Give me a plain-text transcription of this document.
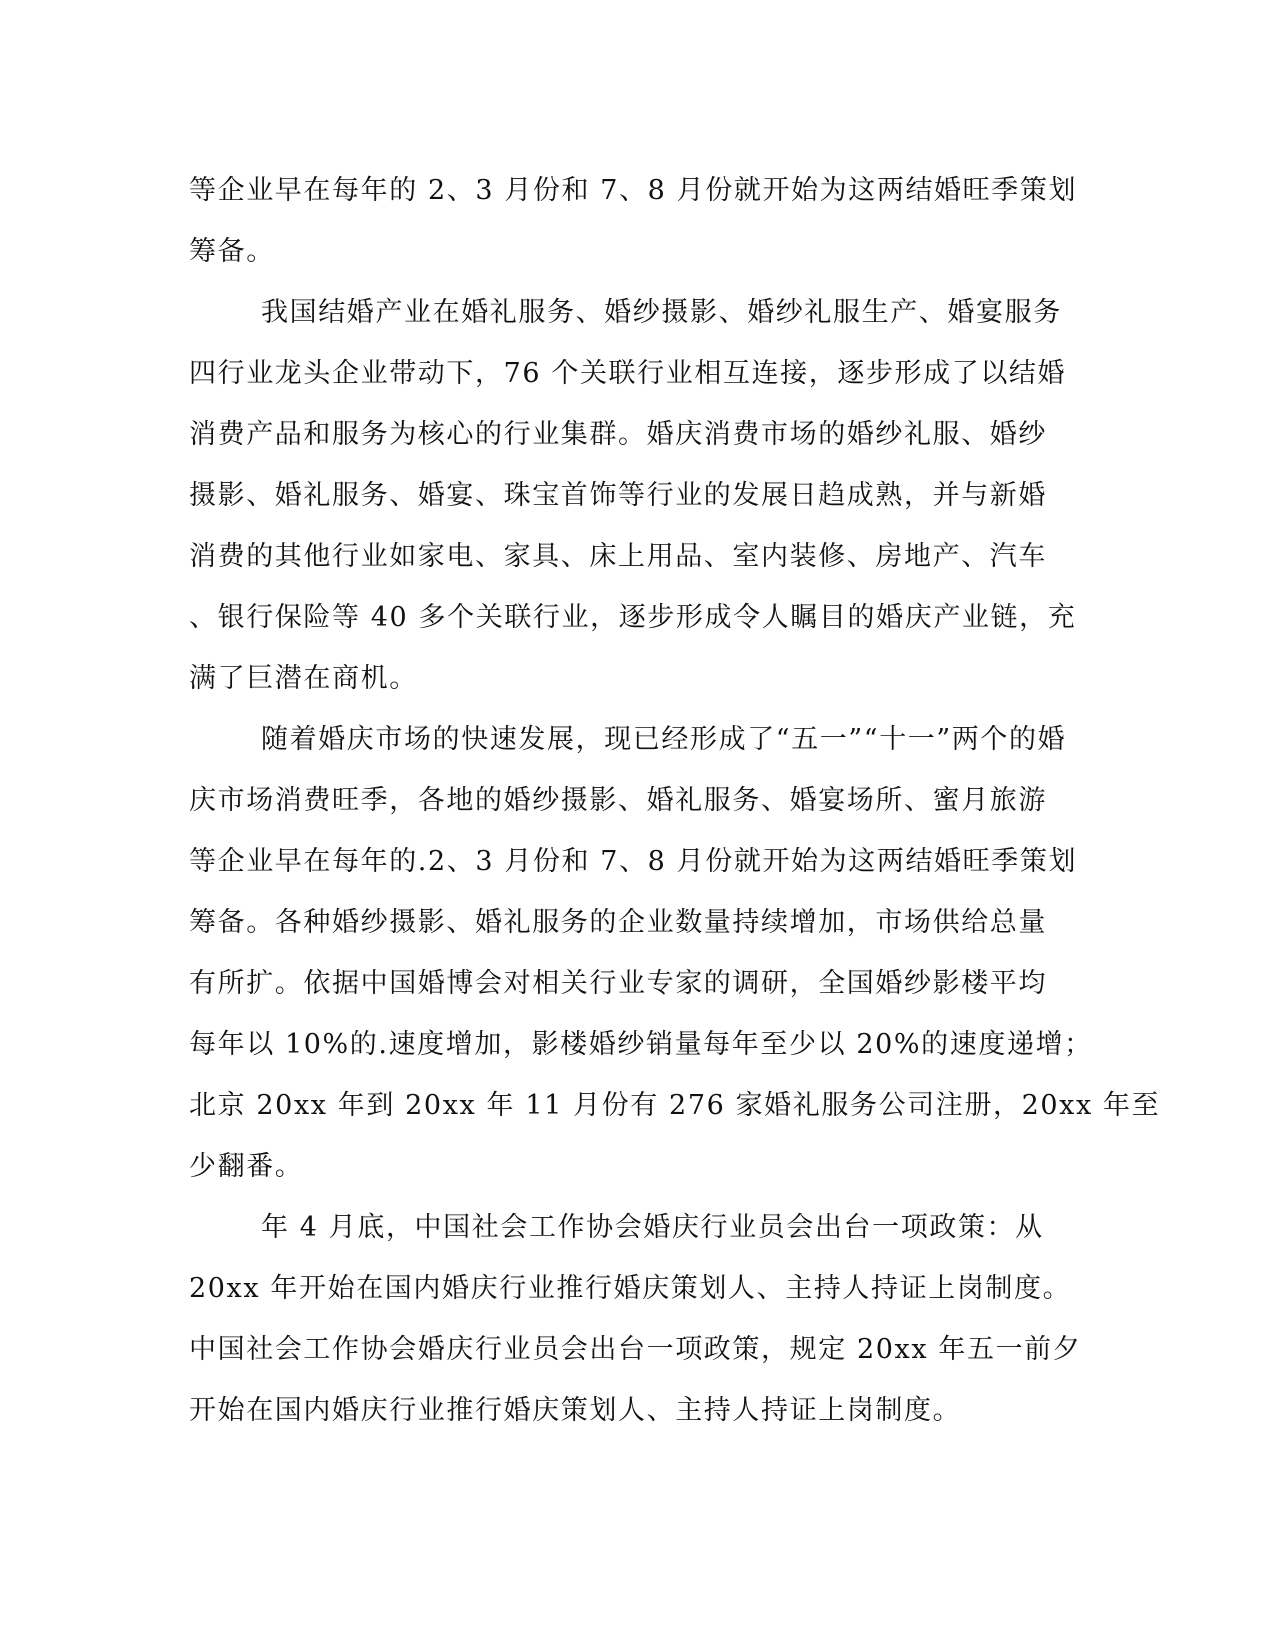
等企业早在每年的 2、3 月份和 7、8 月份就开始为这两结婚旺季策划
筹备。

我国结婚产业在婚礼服务、婚纱摄影、婚纱礼服生产、婚宴服务
四行业龙头企业带动下，76 个关联行业相互连接，逐步形成了以结婚
消费产品和服务为核心的行业集群。婚庆消费市场的婚纱礼服、婚纱
摄影、婚礼服务、婚宴、珠宝首饰等行业的发展日趋成熟，并与新婚
消费的其他行业如家电、家具、床上用品、室内装修、房地产、汽车
、银行保险等 40 多个关联行业，逐步形成令人瞩目的婚庆产业链，充
满了巨潜在商机。

随着婚庆市场的快速发展，现已经形成了“五一”“十一”两个的婚
庆市场消费旺季，各地的婚纱摄影、婚礼服务、婚宴场所、蜜月旅游
等企业早在每年的.2、3 月份和 7、8 月份就开始为这两结婚旺季策划
筹备。各种婚纱摄影、婚礼服务的企业数量持续增加，市场供给总量
有所扩。依据中国婚博会对相关行业专家的调研，全国婚纱影楼平均
每年以 10%的.速度增加，影楼婚纱销量每年至少以 20%的速度递增；
北京 20xx 年到 20xx 年 11 月份有 276 家婚礼服务公司注册，20xx 年至
少翻番。

年 4 月底，中国社会工作协会婚庆行业员会出台一项政策：从
20xx 年开始在国内婚庆行业推行婚庆策划人、主持人持证上岗制度。
中国社会工作协会婚庆行业员会出台一项政策，规定 20xx 年五一前夕
开始在国内婚庆行业推行婚庆策划人、主持人持证上岗制度。
